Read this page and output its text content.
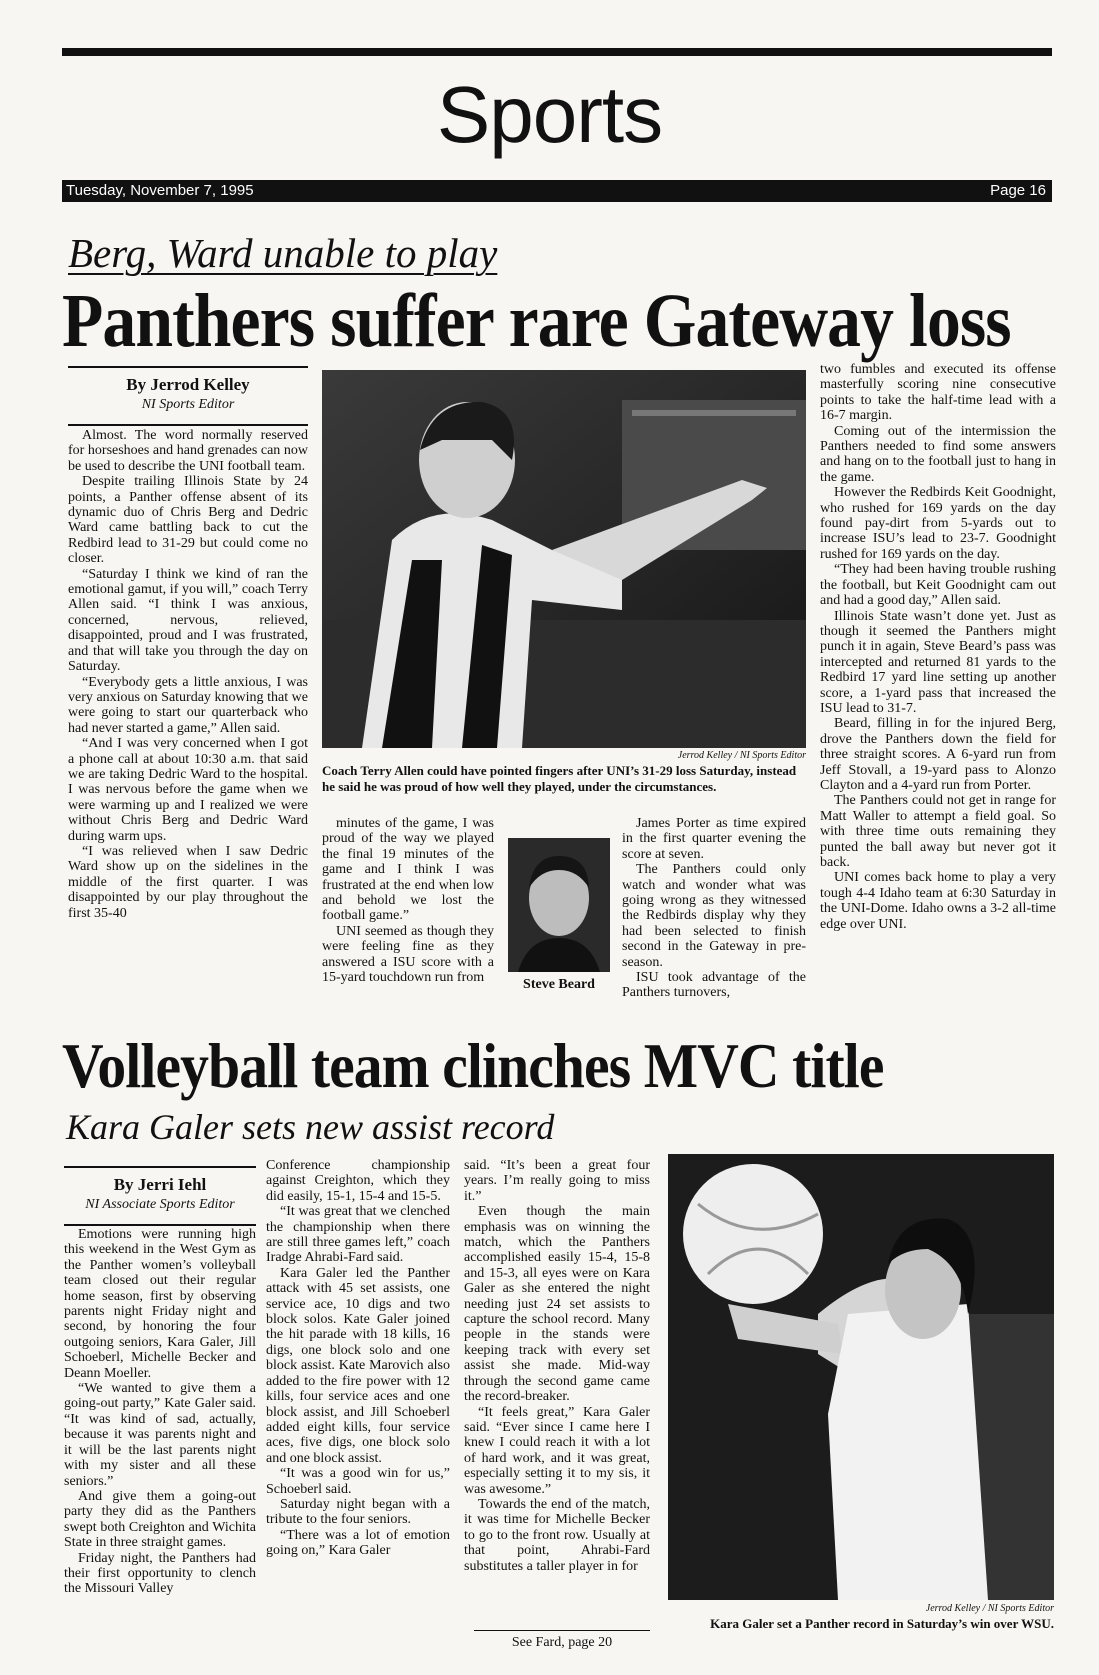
Sports
Tuesday, November 7, 1995	Page 16
Berg, Ward unable to play
Panthers suffer rare Gateway loss
By Jerrod Kelley
NI Sports Editor

Almost. The word normally reserved for horseshoes and hand grenades can now be used to describe the UNI football team.

Despite trailing Illinois State by 24 points, a Panther offense absent of its dynamic duo of Chris Berg and Dedric Ward came battling back to cut the Redbird lead to 31-29 but could come no closer.

“Saturday I think we kind of ran the emotional gamut, if you will,” coach Terry Allen said. “I think I was anxious, concerned, nervous, relieved, disappointed, proud and I was frustrated, and that will take you through the day on Saturday.

“Everybody gets a little anxious, I was very anxious on Saturday knowing that we were going to start our quarterback who had never started a game,” Allen said.

“And I was very concerned when I got a phone call at about 10:30 a.m. that said we are taking Dedric Ward to the hospital. I was nervous before the game when we were warming up and I realized we were without Chris Berg and Dedric Ward during warm ups.

“I was relieved when I saw Dedric Ward show up on the sidelines in the middle of the first quarter. I was disappointed by our play throughout the first 35-40

Jerrod Kelley / NI Sports Editor
Coach Terry Allen could have pointed fingers after UNI’s 31-29 loss Saturday, instead he said he was proud of how well they played, under the circumstances.

minutes of the game, I was proud of the way we played the final 19 minutes of the game and I think I was frustrated at the end when low and behold we lost the football game.”

UNI seemed as though they were feeling fine as they answered a ISU score with a 15-yard touchdown run from	Steve Beard

James Porter as time expired in the first quarter evening the score at seven.

The Panthers could only watch and wonder what was going wrong as they witnessed the Redbirds display why they had been selected to finish second in the Gateway in pre-season.

ISU took advantage of the Panthers turnovers,

two fumbles and executed its offense masterfully scoring nine consecutive points to take the half-time lead with a 16-7 margin.

Coming out of the intermission the Panthers needed to find some answers and hang on to the football just to hang in the game.

However the Redbirds Keit Goodnight, who rushed for 169 yards on the day found pay-dirt from 5-yards out to increase ISU’s lead to 23-7. Goodnight rushed for 169 yards on the day.

“They had been having trouble rushing the football, but Keit Goodnight cam out and had a good day,” Allen said.

Illinois State wasn’t done yet. Just as though it seemed the Panthers might punch it in again, Steve Beard’s pass was intercepted and returned 81 yards to the Redbird 17 yard line setting up another score, a 1-yard pass that increased the ISU lead to 31-7.

Beard, filling in for the injured Berg, drove the Panthers down the field for three straight scores. A 6-yard run from Jeff Stovall, a 19-yard pass to Alonzo Clayton and a 4-yard run from Porter.

The Panthers could not get in range for Matt Waller to attempt a field goal. So with three time outs remaining they punted the ball away but never got it back.

UNI comes back home to play a very tough 4-4 Idaho team at 6:30 Saturday in the UNI-Dome. Idaho owns a 3-2 all-time edge over UNI.

Volleyball team clinches MVC title
Kara Galer sets new assist record
By Jerri Iehl
NI Associate Sports Editor

Emotions were running high this weekend in the West Gym as the Panther women’s volleyball team closed out their regular home season, first by observing parents night Friday night and second, by honoring the four outgoing seniors, Kara Galer, Jill Schoeberl, Michelle Becker and Deann Moeller.

“We wanted to give them a going-out party,” Kate Galer said. “It was kind of sad, actually, because it was parents night and it will be the last parents night with my sister and all these seniors.”

And give them a going-out party they did as the Panthers swept both Creighton and Wichita State in three straight games.

Friday night, the Panthers had their first opportunity to clench the Missouri Valley

Conference championship against Creighton, which they did easily, 15-1, 15-4 and 15-5.

“It was great that we clenched the championship when there are still three games left,” coach Iradge Ahrabi-Fard said.

Kara Galer led the Panther attack with 45 set assists, one service ace, 10 digs and two block solos. Kate Galer joined the hit parade with 18 kills, 16 digs, one block solo and one block assist. Kate Marovich also added to the fire power with 12 kills, four service aces and one block assist, and Jill Schoeberl added eight kills, four service aces, five digs, one block solo and one block assist.

“It was a good win for us,” Schoeberl said.

Saturday night began with a tribute to the four seniors.

“There was a lot of emotion going on,” Kara Galer

said. “It’s been a great four years. I’m really going to miss it.”

Even though the main emphasis was on winning the match, which the Panthers accomplished easily 15-4, 15-8 and 15-3, all eyes were on Kara Galer as she entered the night needing just 24 set assists to capture the school record. Many people in the stands were keeping track with every set assist she made. Mid-way through the second game came the record-breaker.

“It feels great,” Kara Galer said. “Ever since I came here I knew I could reach it with a lot of hard work, and it was great, especially setting it to my sis, it was awesome.”

Towards the end of the match, it was time for Michelle Becker to go to the front row. Usually at that point, Ahrabi-Fard substitutes a taller player in for

See Fard, page 20
Jerrod Kelley / NI Sports Editor
Kara Galer set a Panther record in Saturday’s win over WSU.
